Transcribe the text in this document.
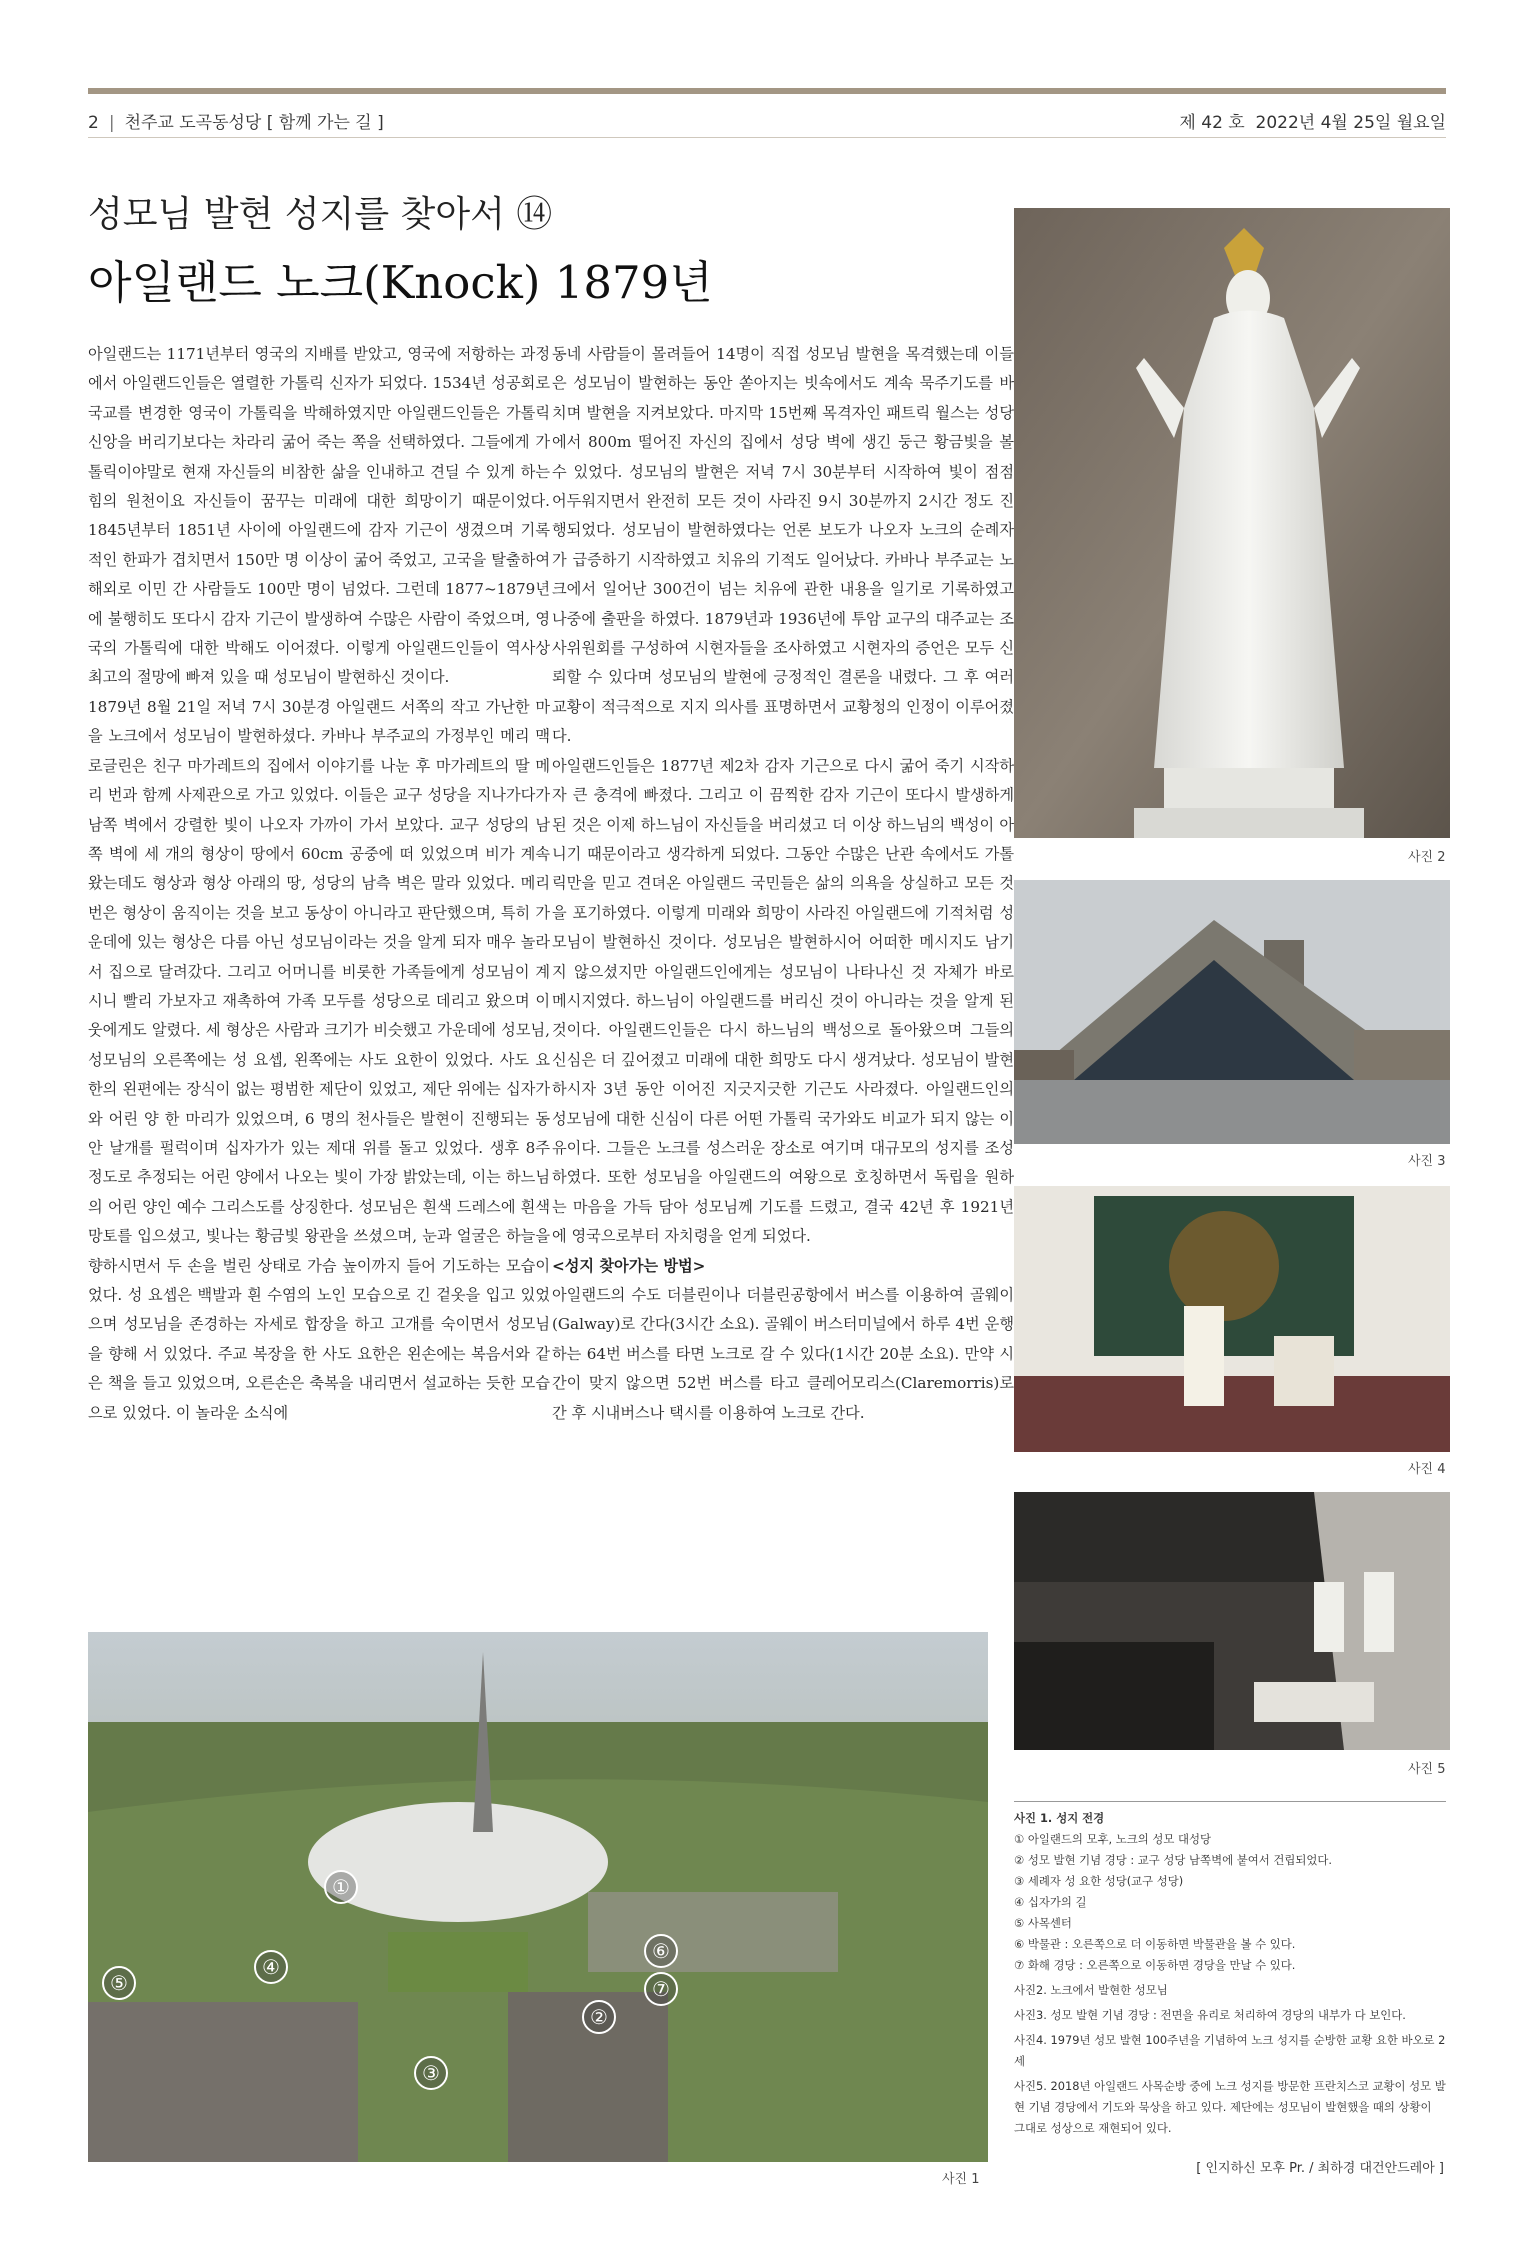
2 | 천주교 도곡동성당 [ 함께 가는 길 ]	제 42 호 2022년 4월 25일 월요일
성모님 발현 성지를 찾아서 ⑭
아일랜드 노크(Knock) 1879년

아일랜드는 1171년부터 영국의 지배를 받았고, 영국에 저항하는 과정에서 아일랜드인들은 열렬한 가톨릭 신자가 되었다. 1534년 성공회로 국교를 변경한 영국이 가톨릭을 박해하였지만 아일랜드인들은 가톨릭 신앙을 버리기보다는 차라리 굶어 죽는 쪽을 선택하였다. 그들에게 가톨릭이야말로 현재 자신들의 비참한 삶을 인내하고 견딜 수 있게 하는 힘의 원천이요 자신들이 꿈꾸는 미래에 대한 희망이기 때문이었다. 1845년부터 1851년 사이에 아일랜드에 감자 기근이 생겼으며 기록적인 한파가 겹치면서 150만 명 이상이 굶어 죽었고, 고국을 탈출하여 해외로 이민 간 사람들도 100만 명이 넘었다. 그런데 1877~1879년에 불행히도 또다시 감자 기근이 발생하여 수많은 사람이 죽었으며, 영국의 가톨릭에 대한 박해도 이어졌다. 이렇게 아일랜드인들이 역사상 최고의 절망에 빠져 있을 때 성모님이 발현하신 것이다.

1879년 8월 21일 저녁 7시 30분경 아일랜드 서쪽의 작고 가난한 마을 노크에서 성모님이 발현하셨다. 카바나 부주교의 가정부인 메리 맥로글린은 친구 마가레트의 집에서 이야기를 나눈 후 마가레트의 딸 메리 번과 함께 사제관으로 가고 있었다. 이들은 교구 성당을 지나가다가 남쪽 벽에서 강렬한 빛이 나오자 가까이 가서 보았다. 교구 성당의 남쪽 벽에 세 개의 형상이 땅에서 60cm 공중에 떠 있었으며 비가 계속 왔는데도 형상과 형상 아래의 땅, 성당의 남측 벽은 말라 있었다. 메리 번은 형상이 움직이는 것을 보고 동상이 아니라고 판단했으며, 특히 가운데에 있는 형상은 다름 아닌 성모님이라는 것을 알게 되자 매우 놀라서 집으로 달려갔다. 그리고 어머니를 비롯한 가족들에게 성모님이 계시니 빨리 가보자고 재촉하여 가족 모두를 성당으로 데리고 왔으며 이웃에게도 알렸다. 세 형상은 사람과 크기가 비슷했고 가운데에 성모님, 성모님의 오른쪽에는 성 요셉, 왼쪽에는 사도 요한이 있었다. 사도 요한의 왼편에는 장식이 없는 평범한 제단이 있었고, 제단 위에는 십자가와 어린 양 한 마리가 있었으며, 6 명의 천사들은 발현이 진행되는 동안 날개를 펄럭이며 십자가가 있는 제대 위를 돌고 있었다. 생후 8주 정도로 추정되는 어린 양에서 나오는 빛이 가장 밝았는데, 이는 하느님의 어린 양인 예수 그리스도를 상징한다. 성모님은 흰색 드레스에 흰색 망토를 입으셨고, 빛나는 황금빛 왕관을 쓰셨으며, 눈과 얼굴은 하늘을 향하시면서 두 손을 벌린 상태로 가슴 높이까지 들어 기도하는 모습이었다. 성 요셉은 백발과 흰 수염의 노인 모습으로 긴 겉옷을 입고 있었으며 성모님을 존경하는 자세로 합장을 하고 고개를 숙이면서 성모님을 향해 서 있었다. 주교 복장을 한 사도 요한은 왼손에는 복음서와 같은 책을 들고 있었으며, 오른손은 축복을 내리면서 설교하는 듯한 모습으로 있었다. 이 놀라운 소식에

동네 사람들이 몰려들어 14명이 직접 성모님 발현을 목격했는데 이들은 성모님이 발현하는 동안 쏟아지는 빗속에서도 계속 묵주기도를 바치며 발현을 지켜보았다. 마지막 15번째 목격자인 패트릭 월스는 성당에서 800m 떨어진 자신의 집에서 성당 벽에 생긴 둥근 황금빛을 볼 수 있었다. 성모님의 발현은 저녁 7시 30분부터 시작하여 빛이 점점 어두워지면서 완전히 모든 것이 사라진 9시 30분까지 2시간 정도 진행되었다. 성모님이 발현하였다는 언론 보도가 나오자 노크의 순례자가 급증하기 시작하였고 치유의 기적도 일어났다. 카바나 부주교는 노크에서 일어난 300건이 넘는 치유에 관한 내용을 일기로 기록하였고 나중에 출판을 하였다. 1879년과 1936년에 투암 교구의 대주교는 조사위원회를 구성하여 시현자들을 조사하였고 시현자의 증언은 모두 신뢰할 수 있다며 성모님의 발현에 긍정적인 결론을 내렸다. 그 후 여러 교황이 적극적으로 지지 의사를 표명하면서 교황청의 인정이 이루어졌다.

아일랜드인들은 1877년 제2차 감자 기근으로 다시 굶어 죽기 시작하자 큰 충격에 빠졌다. 그리고 이 끔찍한 감자 기근이 또다시 발생하게 된 것은 이제 하느님이 자신들을 버리셨고 더 이상 하느님의 백성이 아니기 때문이라고 생각하게 되었다. 그동안 수많은 난관 속에서도 가톨릭만을 믿고 견뎌온 아일랜드 국민들은 삶의 의욕을 상실하고 모든 것을 포기하였다. 이렇게 미래와 희망이 사라진 아일랜드에 기적처럼 성모님이 발현하신 것이다. 성모님은 발현하시어 어떠한 메시지도 남기지 않으셨지만 아일랜드인에게는 성모님이 나타나신 것 자체가 바로 메시지였다. 하느님이 아일랜드를 버리신 것이 아니라는 것을 알게 된 것이다. 아일랜드인들은 다시 하느님의 백성으로 돌아왔으며 그들의 신심은 더 깊어졌고 미래에 대한 희망도 다시 생겨났다. 성모님이 발현하시자 3년 동안 이어진 지긋지긋한 기근도 사라졌다. 아일랜드인의 성모님에 대한 신심이 다른 어떤 가톨릭 국가와도 비교가 되지 않는 이유이다. 그들은 노크를 성스러운 장소로 여기며 대규모의 성지를 조성하였다. 또한 성모님을 아일랜드의 여왕으로 호칭하면서 독립을 원하는 마음을 가득 담아 성모님께 기도를 드렸고, 결국 42년 후 1921년에 영국으로부터 자치령을 얻게 되었다.

<성지 찾아가는 방법>

아일랜드의 수도 더블린이나 더블린공항에서 버스를 이용하여 골웨이(Galway)로 간다(3시간 소요). 골웨이 버스터미널에서 하루 4번 운행하는 64번 버스를 타면 노크로 갈 수 있다(1시간 20분 소요). 만약 시간이 맞지 않으면 52번 버스를 타고 클레어모리스(Claremorris)로 간 후 시내버스나 택시를 이용하여 노크로 간다.

사진 2
사진 3
사진 4
사진 5
①
②
③
④
⑤
⑥
⑦
사진 1
사진 1. 성지 전경
① 아일랜드의 모후, 노크의 성모 대성당
② 성모 발현 기념 경당 : 교구 성당 남쪽벽에 붙여서 건립되었다.
③ 세례자 성 요한 성당(교구 성당)
④ 십자가의 길
⑤ 사목센터
⑥ 박물관 : 오른쪽으로 더 이동하면 박물관을 볼 수 있다.
⑦ 화해 경당 : 오른쪽으로 이동하면 경당을 만날 수 있다.
사진2. 노크에서 발현한 성모님
사진3. 성모 발현 기념 경당 : 전면을 유리로 처리하여 경당의 내부가 다 보인다.
사진4. 1979년 성모 발현 100주년을 기념하여 노크 성지를 순방한 교황 요한 바오로 2세
사진5. 2018년 아일랜드 사목순방 중에 노크 성지를 방문한 프란치스코 교황이 성모 발현 기념 경당에서 기도와 묵상을 하고 있다. 제단에는 성모님이 발현했을 때의 상황이 그대로 성상으로 재현되어 있다.
[ 인지하신 모후 Pr. / 최하경 대건안드레아 ]
